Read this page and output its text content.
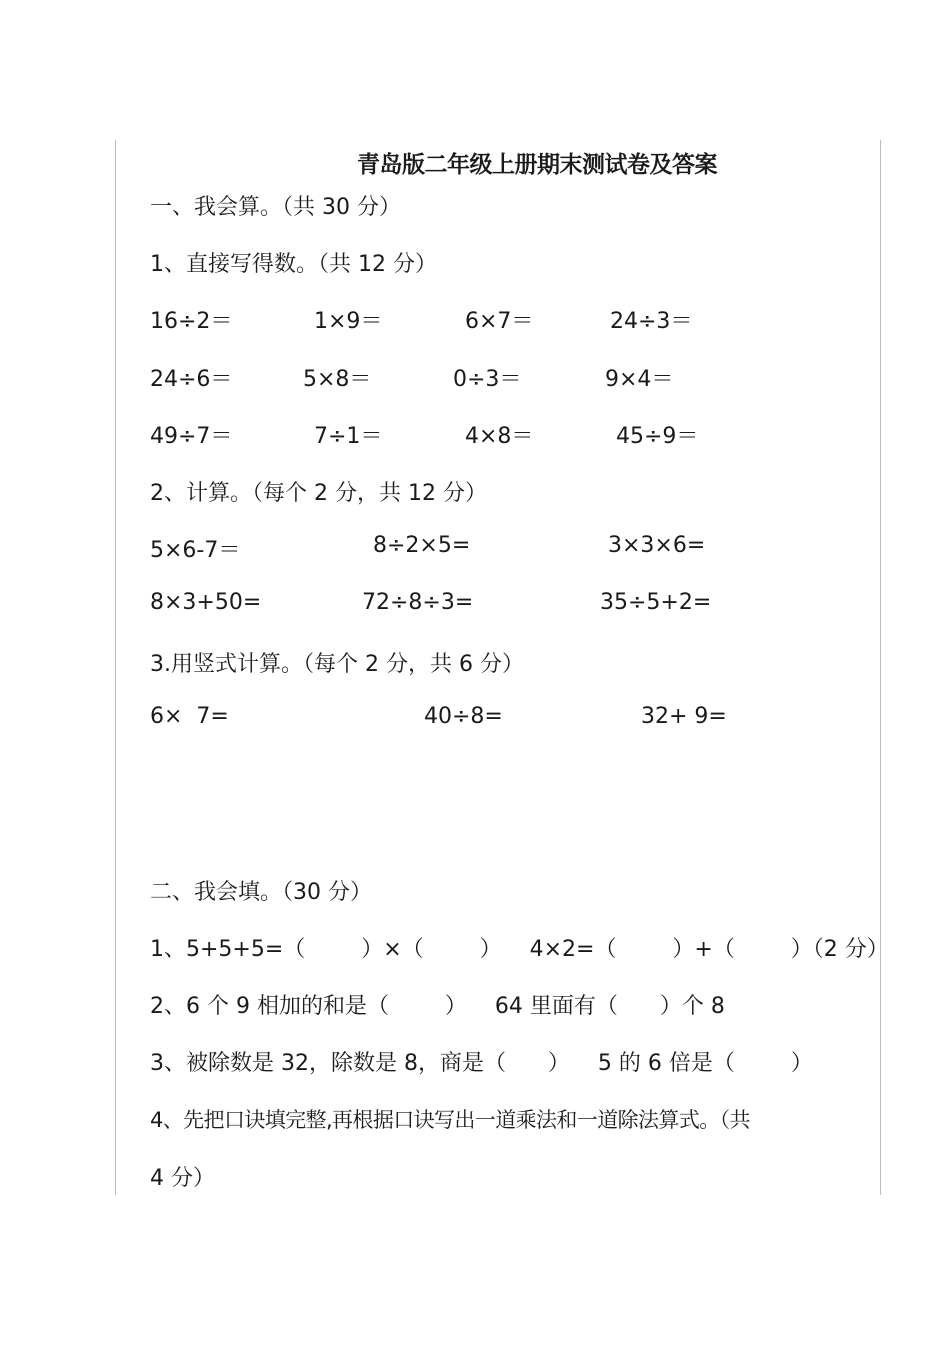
青岛版二年级上册期末测试卷及答案
一、我会算。（共 30 分）
1、直接写得数。（共 12 分）
16÷2＝	1×9＝	6×7＝	24÷3＝
24÷6＝	5×8＝	0÷3＝	9×4＝
49÷7＝	7÷1＝	4×8＝	45÷9＝
2、计算。（每个 2 分，共 12 分）
5×6-7＝	8÷2×5=	3×3×6=
8×3+50=	72÷8÷3=	35÷5+2=
3.用竖式计算。（每个 2 分，共 6 分）
6×  7=	40÷8=	32+ 9=
二、我会填。（30 分）
1、5+5+5=（        ）×（        ）    4×2=（        ）+（        ）（2 分）
2、6 个 9 相加的和是（        ）    64 里面有（      ）个 8
3、被除数是 32，除数是 8，商是（      ）    5 的 6 倍是（        ）
4、先把口诀填完整,再根据口诀写出一道乘法和一道除法算式。（共
4 分）
